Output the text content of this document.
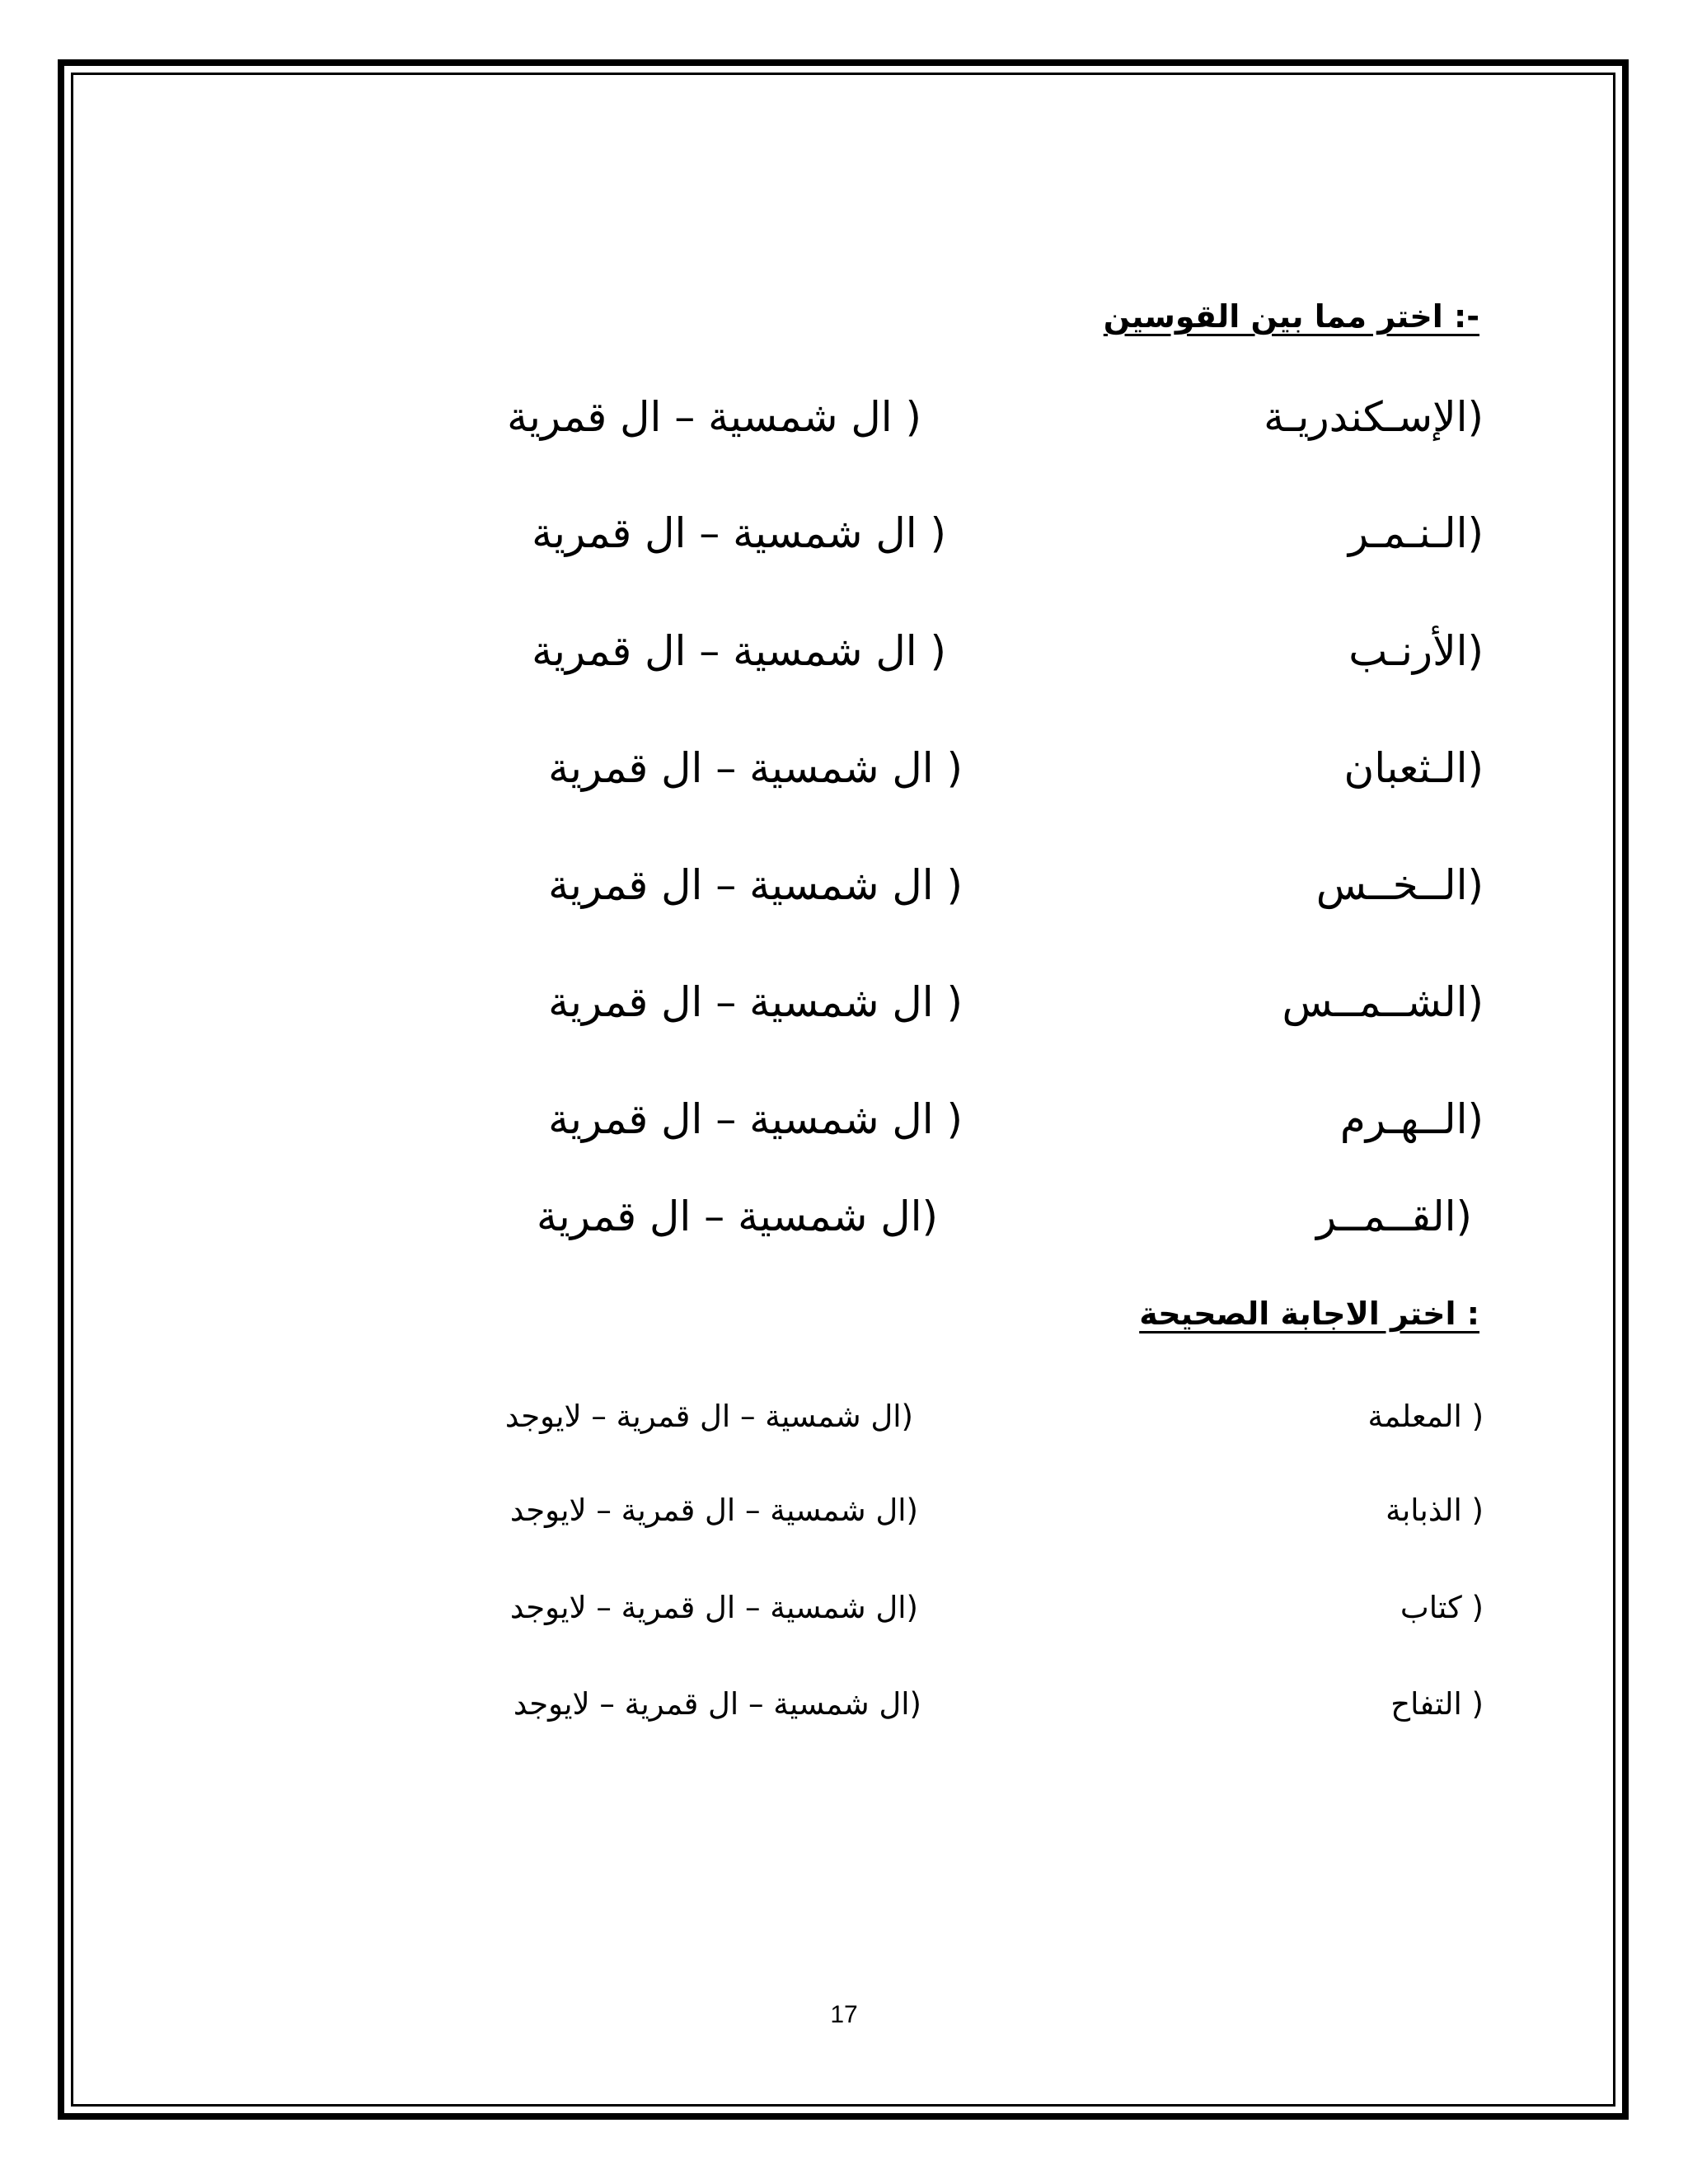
-: اختر مما بين القوسين
(الإسـكندريـة
( ال شمسية – ال قمرية
(الـنـمـر
( ال شمسية – ال قمرية
(الأرنـب
( ال شمسية – ال قمرية
(الـثعبان
( ال شمسية – ال قمرية
(الــخــس
( ال شمسية – ال قمرية
(الشــمــس
( ال شمسية – ال قمرية
(الــهـرم
( ال شمسية – ال قمرية
(القــمــر
(ال شمسية – ال قمرية
: اختر الاجابة الصحيحة
( المعلمة
(ال شمسية – ال قمرية – لايوجد
( الذبابة
(ال شمسية – ال قمرية – لايوجد
( كتاب
(ال شمسية – ال قمرية – لايوجد
( التفاح
(ال شمسية – ال قمرية – لايوجد
17
